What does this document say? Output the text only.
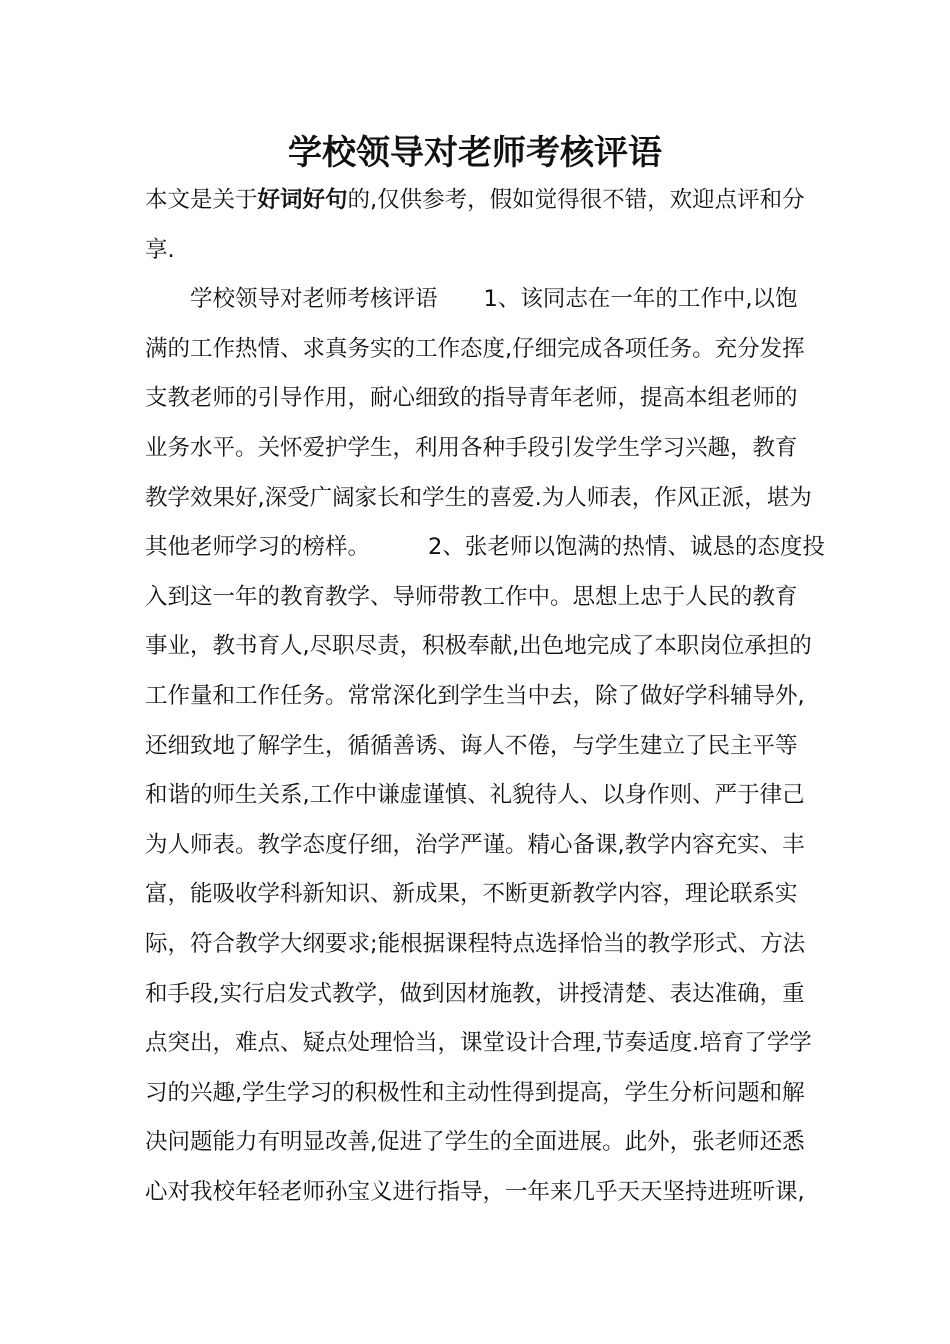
学校领导对老师考核评语
本文是关于好词好句的,仅供参考，假如觉得很不错，欢迎点评和分
享.
学校领导对老师考核评语 1、该同志在一年的工作中,以饱
满的工作热情、求真务实的工作态度,仔细完成各项任务。充分发挥
支教老师的引导作用，耐心细致的指导青年老师，提高本组老师的
业务水平。关怀爱护学生，利用各种手段引发学生学习兴趣，教育
教学效果好,深受广阔家长和学生的喜爱.为人师表，作风正派，堪为
其他老师学习的榜样。	2、张老师以饱满的热情、诚恳的态度投
入到这一年的教育教学、导师带教工作中。思想上忠于人民的教育
事业，教书育人,尽职尽责，积极奉献,出色地完成了本职岗位承担的
工作量和工作任务。常常深化到学生当中去，除了做好学科辅导外,
还细致地了解学生，循循善诱、诲人不倦，与学生建立了民主平等
和谐的师生关系,工作中谦虚谨慎、礼貌待人、以身作则、严于律己
为人师表。教学态度仔细，治学严谨。精心备课,教学内容充实、丰
富，能吸收学科新知识、新成果，不断更新教学内容，理论联系实
际，符合教学大纲要求;能根据课程特点选择恰当的教学形式、方法
和手段,实行启发式教学，做到因材施教，讲授清楚、表达准确，重
点突出，难点、疑点处理恰当，课堂设计合理,节奏适度.培育了学学
习的兴趣,学生学习的积极性和主动性得到提高，学生分析问题和解
决问题能力有明显改善,促进了学生的全面进展。此外，张老师还悉
心对我校年轻老师孙宝义进行指导，一年来几乎天天坚持进班听课,
